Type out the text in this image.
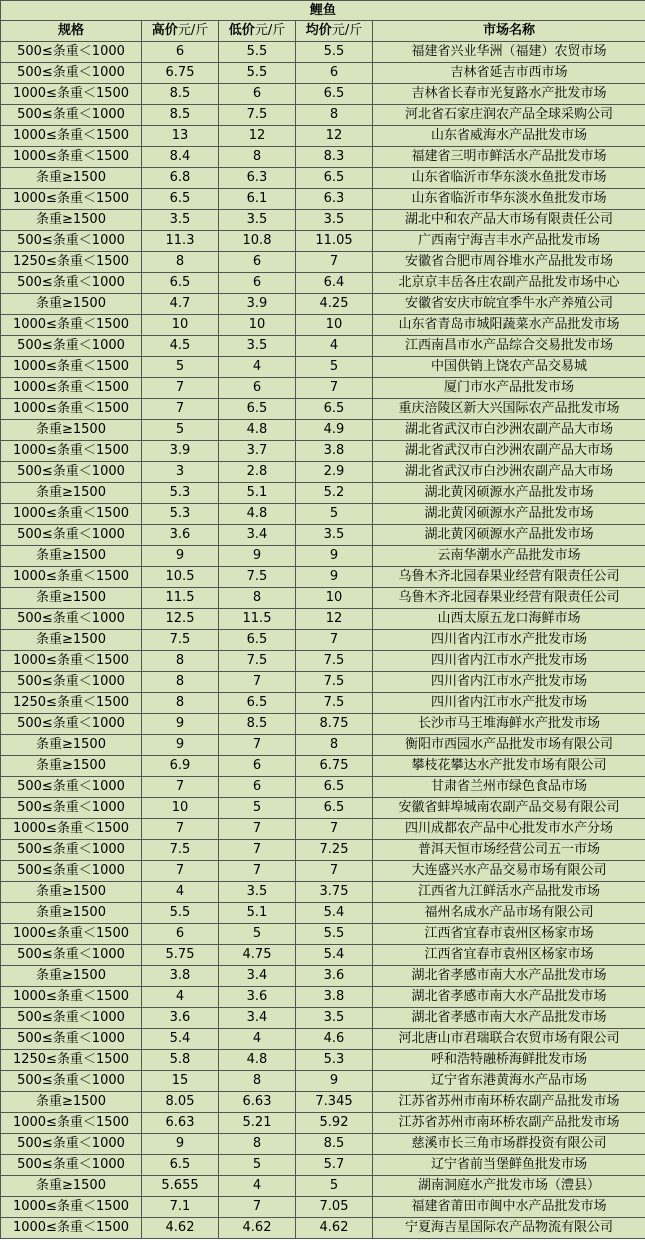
鲤鱼				
规格	高价元/斤	低价元/斤	均价元/斤	市场名称
500≤条重＜1000	6	5.5	5.5	福建省兴业华洲（福建）农贸市场
500≤条重＜1000	6.75	5.5	6	吉林省延吉市西市场
1000≤条重＜1500	8.5	6	6.5	吉林省长春市光复路水产批发市场
500≤条重＜1000	8.5	7.5	8	河北省石家庄润农产品全球采购公司
1000≤条重＜1500	13	12	12	山东省威海水产品批发市场
1000≤条重＜1500	8.4	8	8.3	福建省三明市鲜活水产品批发市场
条重≥1500	6.8	6.3	6.5	山东省临沂市华东淡水鱼批发市场
1000≤条重＜1500	6.5	6.1	6.3	山东省临沂市华东淡水鱼批发市场
条重≥1500	3.5	3.5	3.5	湖北中和农产品大市场有限责任公司
500≤条重＜1000	11.3	10.8	11.05	广西南宁海吉丰水产品批发市场
1250≤条重＜1500	8	6	7	安徽省合肥市周谷堆水产品批发市场
500≤条重＜1000	6.5	6	6.4	北京京丰岳各庄农副产品批发市场中心
条重≥1500	4.7	3.9	4.25	安徽省安庆市皖宜季牛水产养殖公司
1000≤条重＜1500	10	10	10	山东省青岛市城阳蔬菜水产品批发市场
500≤条重＜1000	4.5	3.5	4	江西南昌市水产品综合交易批发市场
1000≤条重＜1500	5	4	5	中国供销上饶农产品交易城
1000≤条重＜1500	7	6	7	厦门市水产品批发市场
1000≤条重＜1500	7	6.5	6.5	重庆涪陵区新大兴国际农产品批发市场
条重≥1500	5	4.8	4.9	湖北省武汉市白沙洲农副产品大市场
1000≤条重＜1500	3.9	3.7	3.8	湖北省武汉市白沙洲农副产品大市场
500≤条重＜1000	3	2.8	2.9	湖北省武汉市白沙洲农副产品大市场
条重≥1500	5.3	5.1	5.2	湖北黄冈硕源水产品批发市场
1000≤条重＜1500	5.3	4.8	5	湖北黄冈硕源水产品批发市场
500≤条重＜1000	3.6	3.4	3.5	湖北黄冈硕源水产品批发市场
条重≥1500	9	9	9	云南华潮水产品批发市场
1000≤条重＜1500	10.5	7.5	9	乌鲁木齐北园春果业经营有限责任公司
条重≥1500	11.5	8	10	乌鲁木齐北园春果业经营有限责任公司
500≤条重＜1000	12.5	11.5	12	山西太原五龙口海鲜市场
条重≥1500	7.5	6.5	7	四川省内江市水产批发市场
1000≤条重＜1500	8	7.5	7.5	四川省内江市水产批发市场
500≤条重＜1000	8	7	7.5	四川省内江市水产批发市场
1250≤条重＜1500	8	6.5	7.5	四川省内江市水产批发市场
500≤条重＜1000	9	8.5	8.75	长沙市马王堆海鲜水产批发市场
条重≥1500	9	7	8	衡阳市西园水产品批发市场有限公司
条重≥1500	6.9	6	6.75	攀枝花攀达水产批发市场有限公司
500≤条重＜1000	7	6	6.5	甘肃省兰州市绿色食品市场
500≤条重＜1000	10	5	6.5	安徽省蚌埠城南农副产品交易有限公司
1000≤条重＜1500	7	7	7	四川成都农产品中心批发市水产分场
500≤条重＜1000	7.5	7	7.25	普洱天恒市场经营公司五一市场
500≤条重＜1000	7	7	7	大连盛兴水产品交易市场有限公司
条重≥1500	4	3.5	3.75	江西省九江鲜活水产品批发市场
条重≥1500	5.5	5.1	5.4	福州名成水产品市场有限公司
1000≤条重＜1500	6	5	5.5	江西省宜春市袁州区杨家市场
500≤条重＜1000	5.75	4.75	5.4	江西省宜春市袁州区杨家市场
条重≥1500	3.8	3.4	3.6	湖北省孝感市南大水产品批发市场
1000≤条重＜1500	4	3.6	3.8	湖北省孝感市南大水产品批发市场
500≤条重＜1000	3.6	3.4	3.5	湖北省孝感市南大水产品批发市场
500≤条重＜1000	5.4	4	4.6	河北唐山市君瑞联合农贸市场有限公司
1250≤条重＜1500	5.8	4.8	5.3	呼和浩特融桥海鲜批发市场
500≤条重＜1000	15	8	9	辽宁省东港黄海水产品市场
条重≥1500	8.05	6.63	7.345	江苏省苏州市南环桥农副产品批发市场
1000≤条重＜1500	6.63	5.21	5.92	江苏省苏州市南环桥农副产品批发市场
500≤条重＜1000	9	8	8.5	慈溪市长三角市场群投资有限公司
500≤条重＜1000	6.5	5	5.7	辽宁省前当堡鲜鱼批发市场
条重≥1500	5.655	4	5	湖南洞庭水产批发市场（澧县）
1000≤条重＜1500	7.1	7	7.05	福建省莆田市闽中水产品批发市场
1000≤条重＜1500	4.62	4.62	4.62	宁夏海吉星国际农产品物流有限公司
